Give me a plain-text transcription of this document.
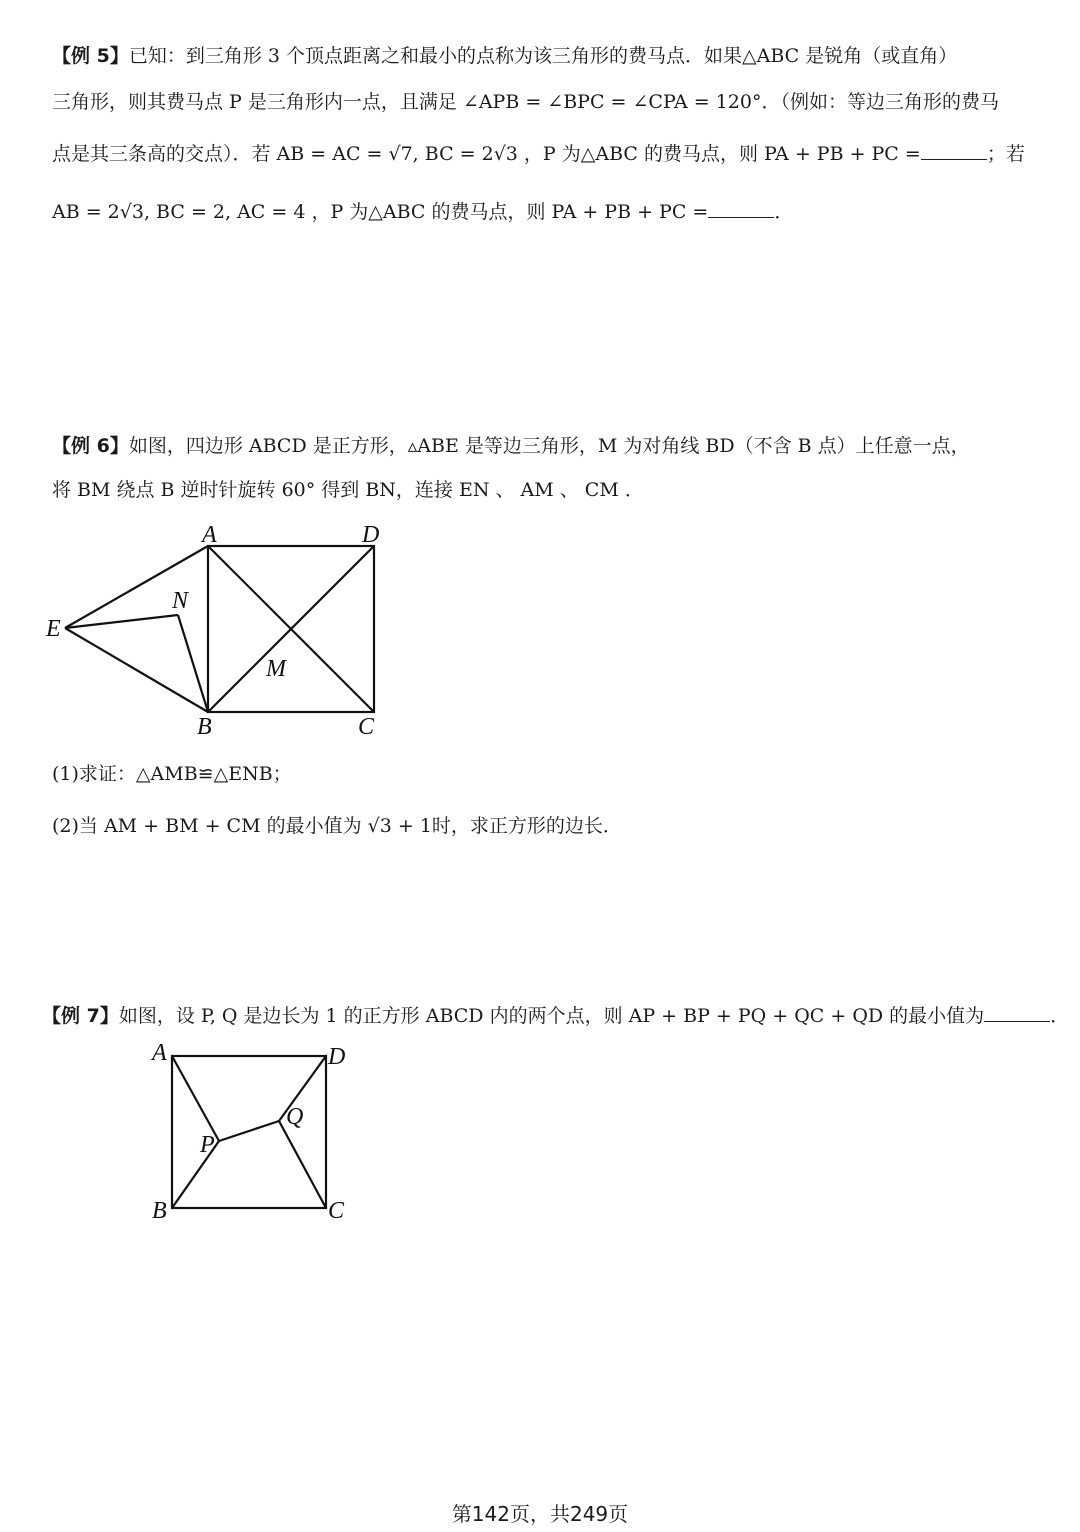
【例 5】已知：到三角形 3 个顶点距离之和最小的点称为该三角形的费马点．如果△ABC 是锐角（或直角）
三角形，则其费马点 P 是三角形内一点，且满足 ∠APB = ∠BPC = ∠CPA = 120°．（例如：等边三角形的费马
点是其三条高的交点）．若 AB = AC = √7, BC = 2√3 ，P 为△ABC 的费马点，则 PA + PB + PC =	；若
AB = 2√3, BC = 2, AC = 4 ，P 为△ABC 的费马点，则 PA + PB + PC =	．
【例 6】如图，四边形 ABCD 是正方形，▵ABE 是等边三角形，M 为对角线 BD（不含 B 点）上任意一点，
将 BM 绕点 B 逆时针旋转 60° 得到 BN，连接 EN 、 AM 、 CM ．
A	D
B	C
E
N
M
(1)求证：△AMB≌△ENB；
(2)当 AM + BM + CM 的最小值为 √3 + 1时，求正方形的边长．
【例 7】如图，设 P, Q 是边长为 1 的正方形 ABCD 内的两个点，则 AP + BP + PQ + QC + QD 的最小值为	．
A	D
B	C
P
Q
第142页，共249页
